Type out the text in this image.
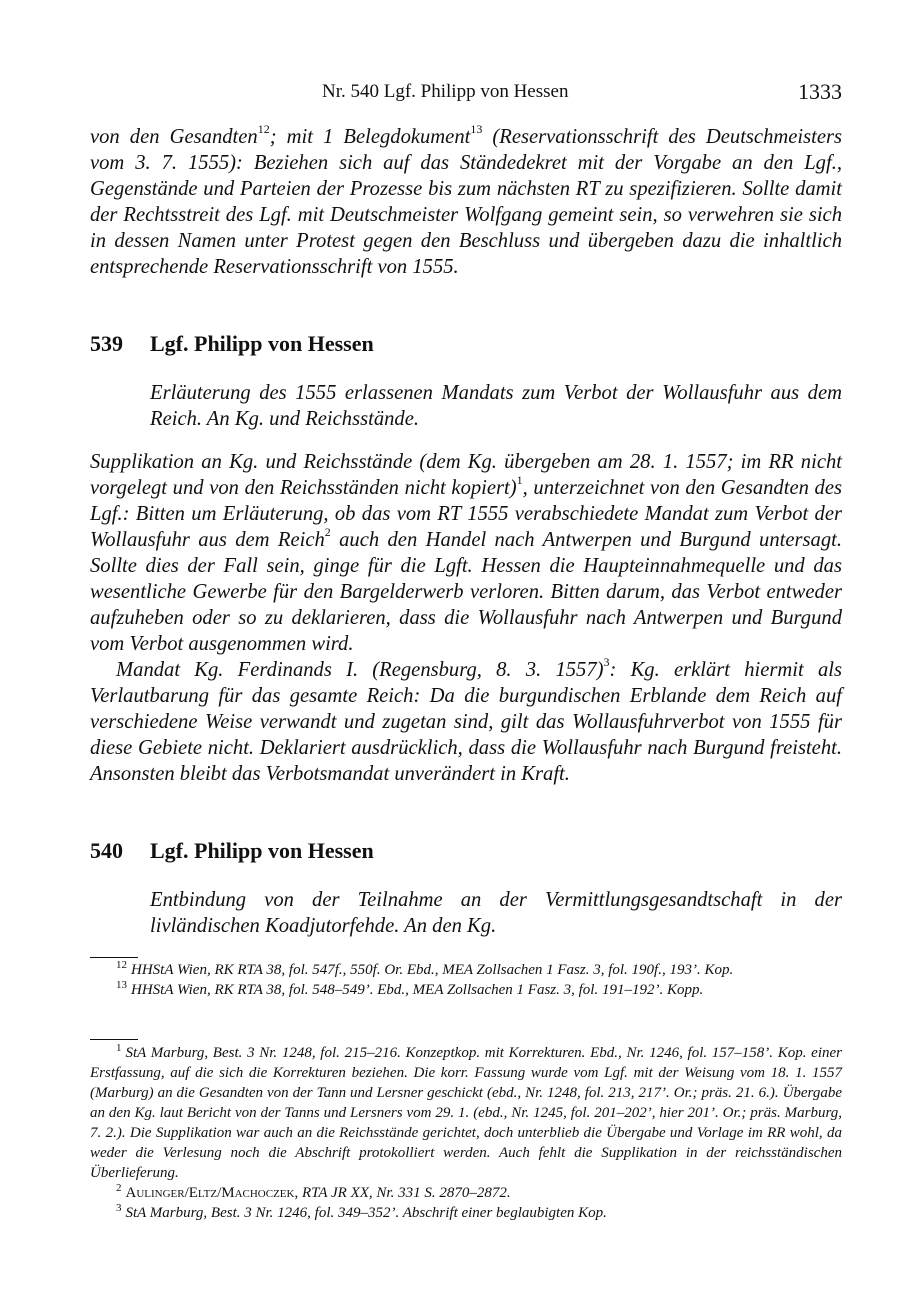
Nr. 540 Lgf. Philipp von Hessen	1333
von den Gesandten$^{12}$; mit 1 Belegdokument$^{13}$ (Reservationsschrift des Deutschmeisters vom 3. 7. 1555): Beziehen sich auf das Ständedekret mit der Vorgabe an den Lgf., Gegenstände und Parteien der Prozesse bis zum nächsten RT zu spezifizieren. Sollte damit der Rechtsstreit des Lgf. mit Deutschmeister Wolfgang gemeint sein, so verwehren sie sich in dessen Namen unter Protest gegen den Beschluss und übergeben dazu die inhaltlich entsprechende Reservationsschrift von 1555.
539 Lgf. Philipp von Hessen
Erläuterung des 1555 erlassenen Mandats zum Verbot der Wollausfuhr aus dem Reich. An Kg. und Reichsstände.
Supplikation an Kg. und Reichsstände (dem Kg. übergeben am 28. 1. 1557; im RR nicht vorgelegt und von den Reichsständen nicht kopiert)$^1$, unterzeichnet von den Gesandten des Lgf.: Bitten um Erläuterung, ob das vom RT 1555 verabschiedete Mandat zum Verbot der Wollausfuhr aus dem Reich$^2$ auch den Handel nach Antwerpen und Burgund untersagt. Sollte dies der Fall sein, ginge für die Lgft. Hessen die Haupteinnahmequelle und das wesentliche Gewerbe für den Bargelderwerb verloren. Bitten darum, das Verbot entweder aufzuheben oder so zu deklarieren, dass die Wollausfuhr nach Antwerpen und Burgund vom Verbot ausgenommen wird.
Mandat Kg. Ferdinands I. (Regensburg, 8. 3. 1557)$^3$: Kg. erklärt hiermit als Verlautbarung für das gesamte Reich: Da die burgundischen Erblande dem Reich auf verschiedene Weise verwandt und zugetan sind, gilt das Wollausfuhrverbot von 1555 für diese Gebiete nicht. Deklariert ausdrücklich, dass die Wollausfuhr nach Burgund freisteht. Ansonsten bleibt das Verbotsmandat unverändert in Kraft.
540 Lgf. Philipp von Hessen
Entbindung von der Teilnahme an der Vermittlungsgesandtschaft in der livländischen Koadjutorfehde. An den Kg.
$^{12}$ HHStA Wien, RK RTA 38, fol. 547f., 550f. Or. Ebd., MEA Zollsachen 1 Fasz. 3, fol. 190f., 193’. Kop.
$^{13}$ HHStA Wien, RK RTA 38, fol. 548–549’. Ebd., MEA Zollsachen 1 Fasz. 3, fol. 191–192’. Kopp.
$^1$ StA Marburg, Best. 3 Nr. 1248, fol. 215–216. Konzeptkop. mit Korrekturen. Ebd., Nr. 1246, fol. 157–158’. Kop. einer Erstfassung, auf die sich die Korrekturen beziehen. Die korr. Fassung wurde vom Lgf. mit der Weisung vom 18. 1. 1557 (Marburg) an die Gesandten von der Tann und Lersner geschickt (ebd., Nr. 1248, fol. 213, 217’. Or.; präs. 21. 6.). Übergabe an den Kg. laut Bericht von der Tanns und Lersners vom 29. 1. (ebd., Nr. 1245, fol. 201–202’, hier 201’. Or.; präs. Marburg, 7. 2.). Die Supplikation war auch an die Reichsstände gerichtet, doch unterblieb die Übergabe und Vorlage im RR wohl, da weder die Verlesung noch die Abschrift protokolliert werden. Auch fehlt die Supplikation in der reichsständischen Überlieferung.
$^2$ Aulinger/Eltz/Machoczek, RTA JR XX, Nr. 331 S. 2870–2872.
$^3$ StA Marburg, Best. 3 Nr. 1246, fol. 349–352’. Abschrift einer beglaubigten Kop.
